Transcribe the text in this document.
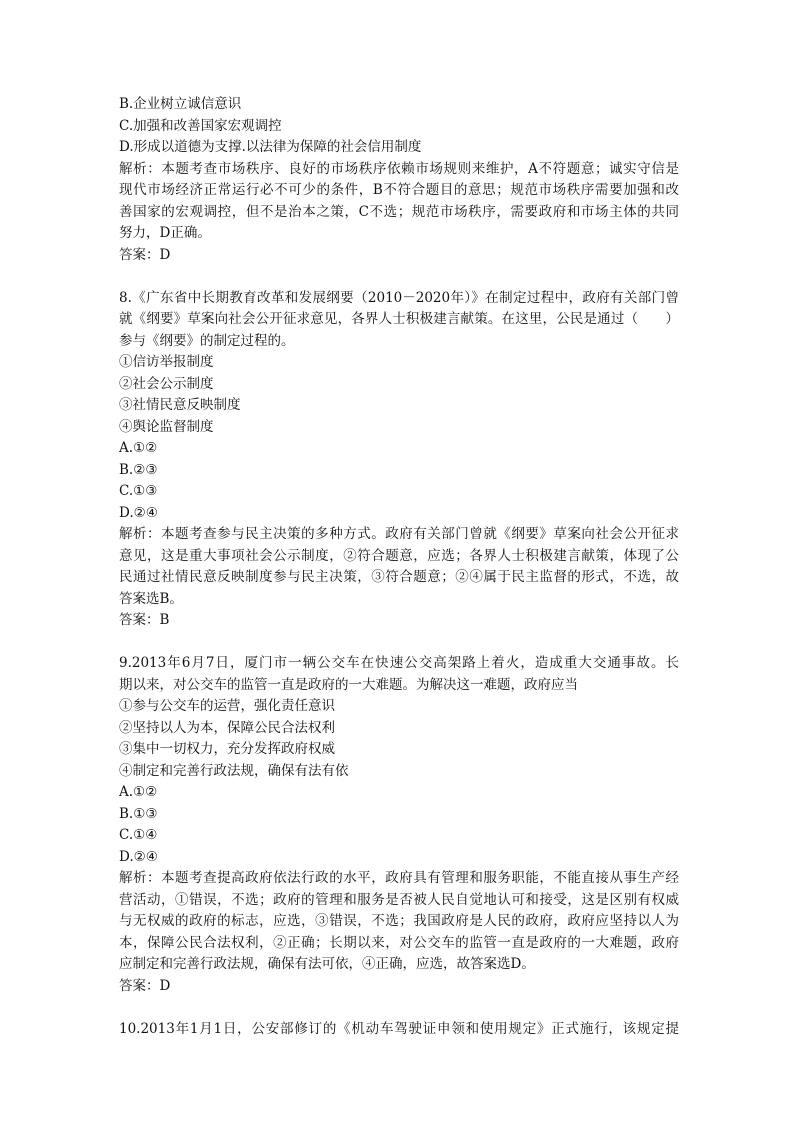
B.企业树立诚信意识
C.加强和改善国家宏观调控
D.形成以道德为支撑.以法律为保障的社会信用制度
解析：本题考查市场秩序、良好的市场秩序依赖市场规则来维护，A不符题意；诚实守信是
现代市场经济正常运行必不可少的条件，B不符合题目的意思；规范市场秩序需要加强和改
善国家的宏观调控，但不是治本之策，C不选；规范市场秩序，需要政府和市场主体的共同
努力，D正确。
答案：D
8.《广东省中长期教育改革和发展纲要（2010－2020年）》在制定过程中，政府有关部门曾
就《纲要》草案向社会公开征求意见，各界人士积极建言献策。在这里，公民是通过（　　）
参与《纲要》的制定过程的。
①信访举报制度
②社会公示制度
③社情民意反映制度
④舆论监督制度
A.①②
B.②③
C.①③
D.②④
解析：本题考查参与民主决策的多种方式。政府有关部门曾就《纲要》草案向社会公开征求
意见，这是重大事项社会公示制度，②符合题意，应选；各界人士积极建言献策，体现了公
民通过社情民意反映制度参与民主决策，③符合题意；②④属于民主监督的形式，不选，故
答案选B。
答案：B
9.2013年6月7日，厦门市一辆公交车在快速公交高架路上着火，造成重大交通事故。长
期以来，对公交车的监管一直是政府的一大难题。为解决这一难题，政府应当
①参与公交车的运营，强化责任意识
②坚持以人为本，保障公民合法权利
③集中一切权力，充分发挥政府权威
④制定和完善行政法规，确保有法有依
A.①②
B.①③
C.①④
D.②④
解析：本题考查提高政府依法行政的水平，政府具有管理和服务职能，不能直接从事生产经
营活动，①错误，不选；政府的管理和服务是否被人民自觉地认可和接受，这是区别有权威
与无权威的政府的标志，应选，③错误，不选；我国政府是人民的政府，政府应坚持以人为
本，保障公民合法权利，②正确；长期以来，对公交车的监管一直是政府的一大难题，政府
应制定和完善行政法规，确保有法可依，④正确，应选，故答案选D。
答案：D
10.2013年1月1日，公安部修订的《机动车驾驶证申领和使用规定》正式施行，该规定提
